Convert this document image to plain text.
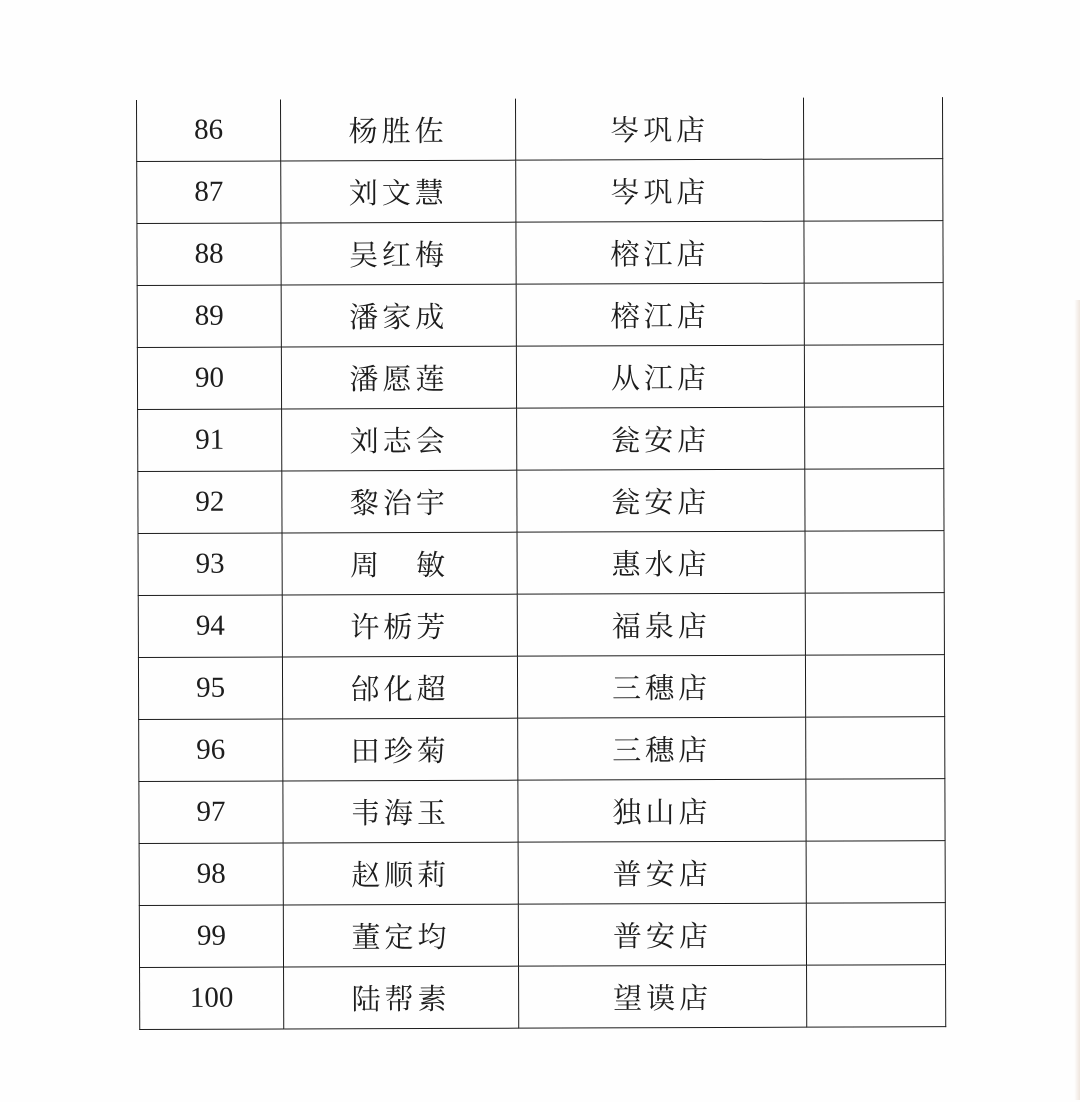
86	杨胜佐	岑巩店	
87	刘文慧	岑巩店	
88	吴红梅	榕江店	
89	潘家成	榕江店	
90	潘愿莲	从江店	
91	刘志会	瓮安店	
92	黎治宇	瓮安店	
93	周　敏	惠水店	
94	许栃芳	福泉店	
95	邰化超	三穗店	
96	田珍菊	三穗店	
97	韦海玉	独山店	
98	赵顺莉	普安店	
99	董定均	普安店	
100	陆帮素	望谟店	
